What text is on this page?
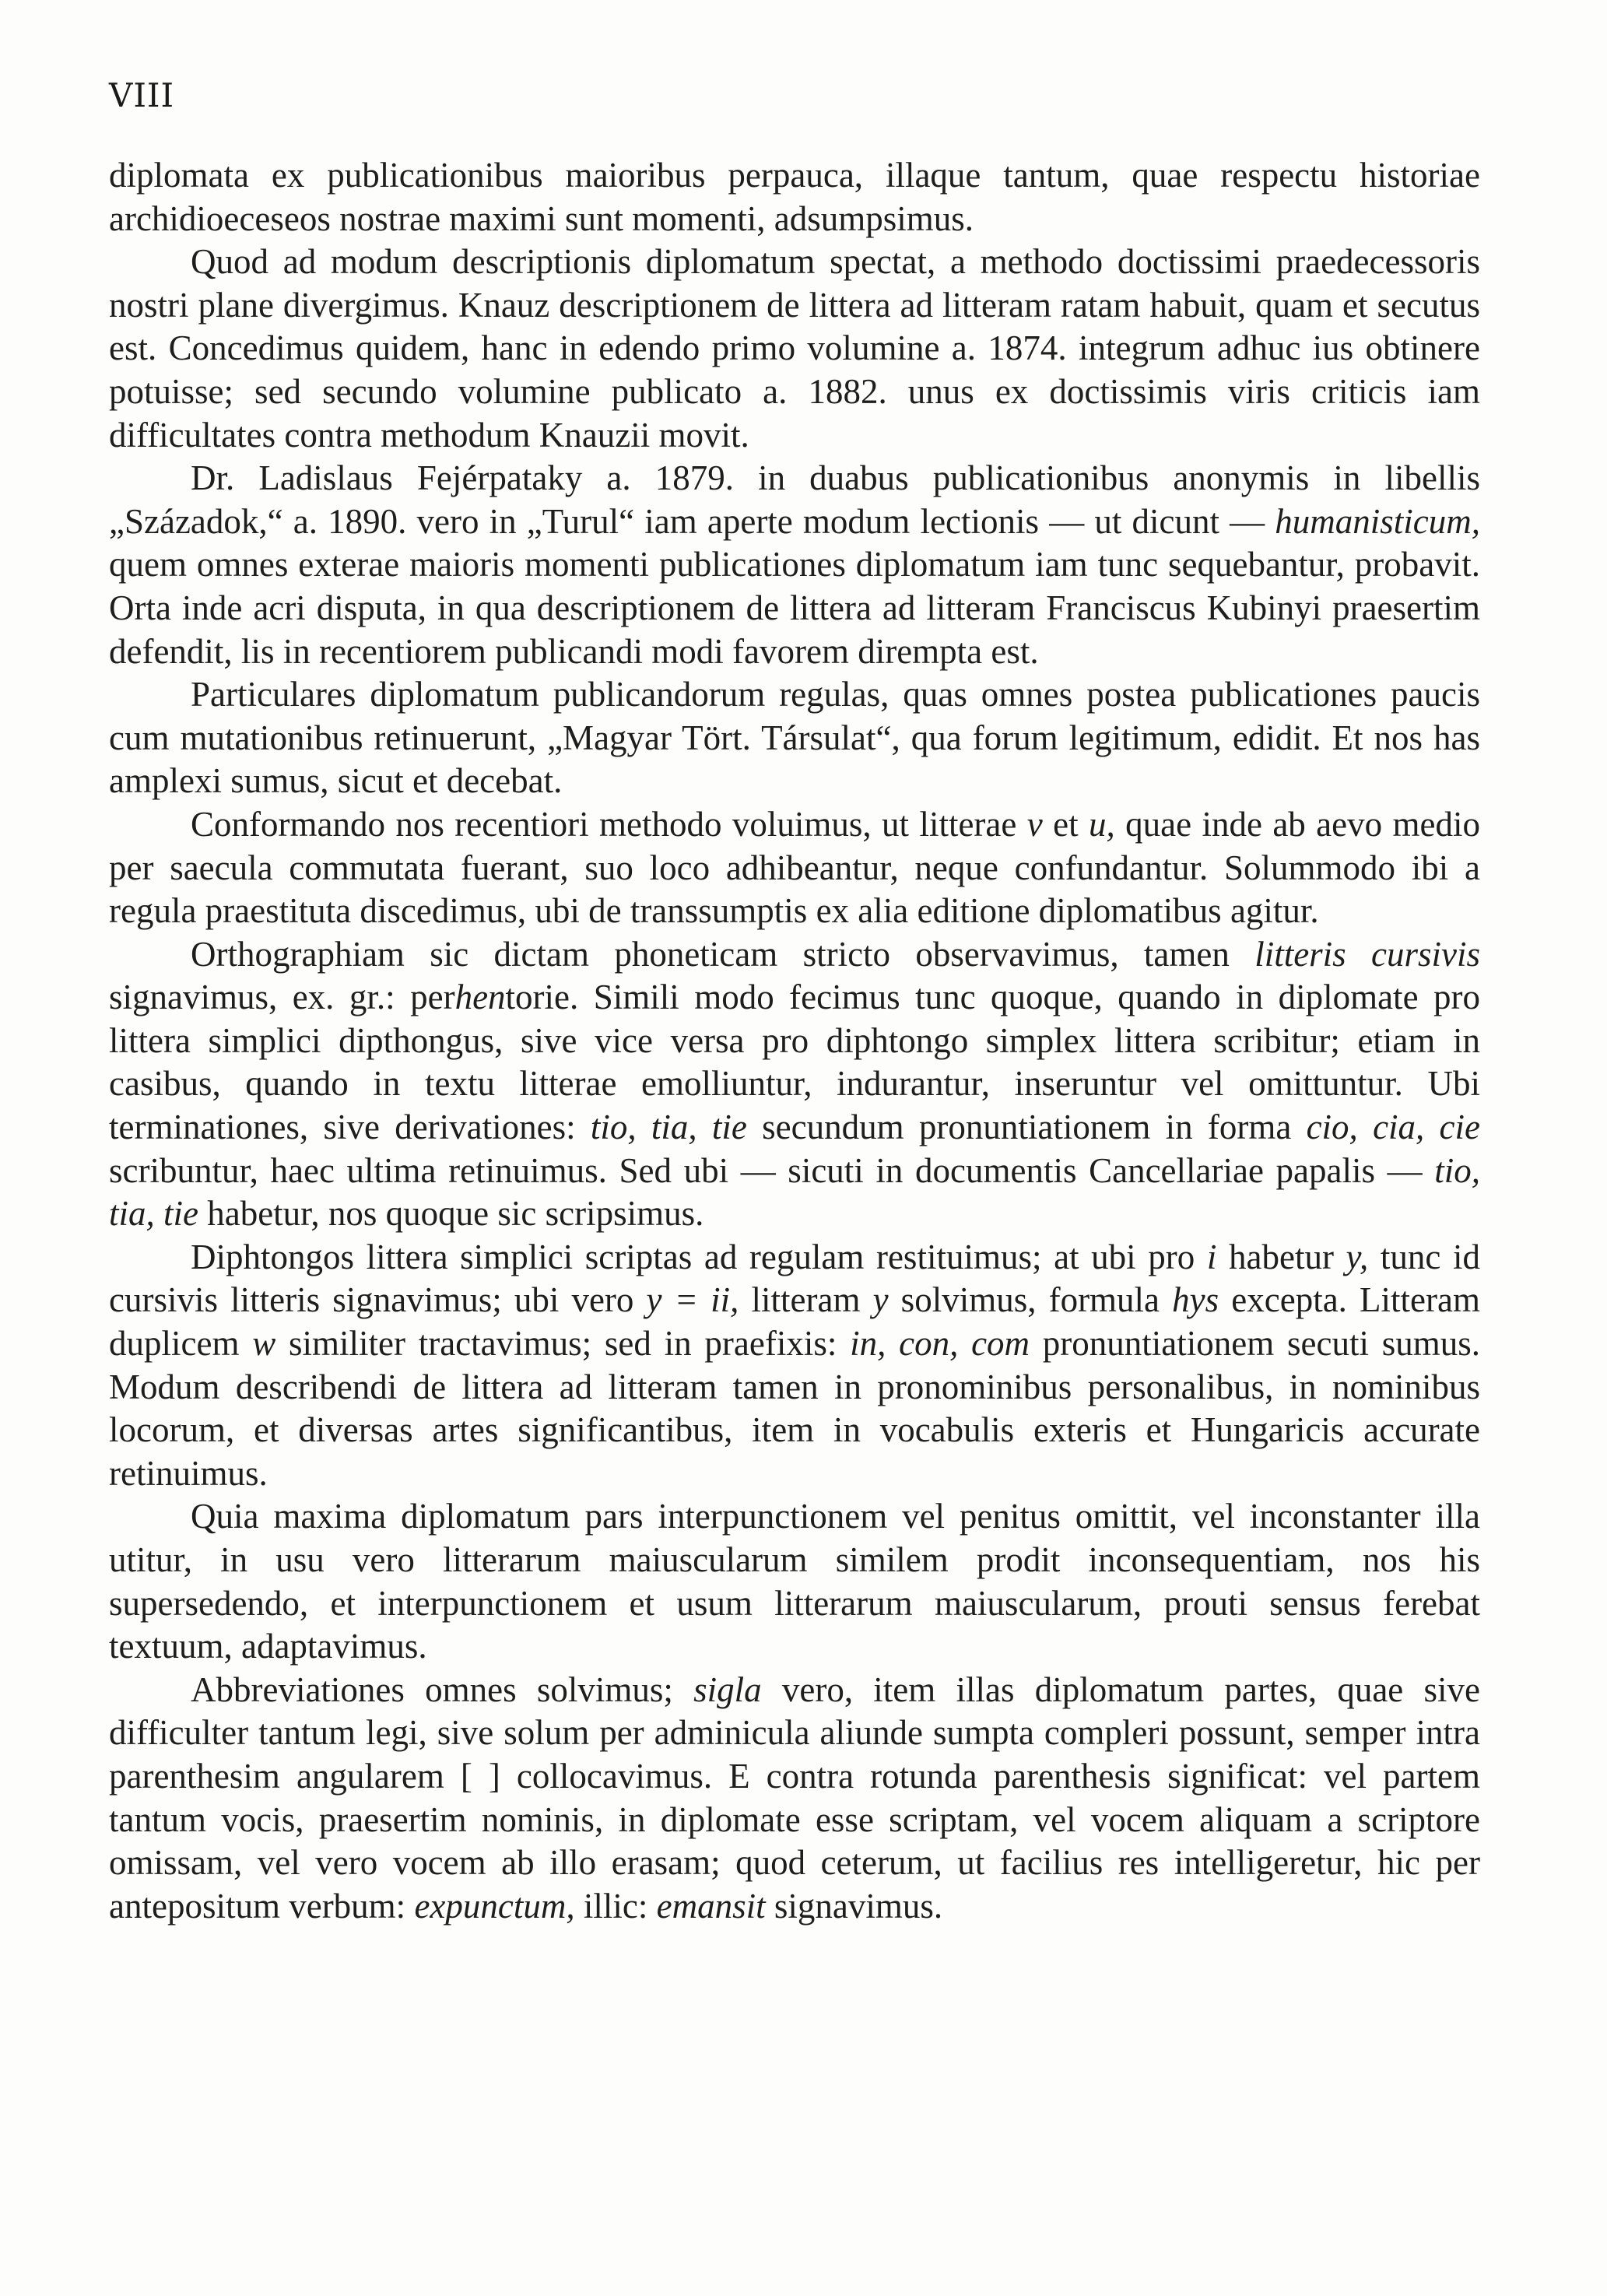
VIII

diplomata ex publicationibus maioribus perpauca, illaque tantum, quae respectu historiae archidioeceseos nostrae maximi sunt momenti, adsumpsimus.

Quod ad modum descriptionis diplomatum spectat, a methodo doctissimi praedecessoris nostri plane divergimus. Knauz descriptionem de littera ad litteram ratam habuit, quam et secutus est. Concedimus quidem, hanc in edendo primo volumine a. 1874. integrum adhuc ius obtinere potuisse; sed secundo volumine publicato a. 1882. unus ex doctissimis viris criticis iam difficultates contra methodum Knauzii movit.

Dr. Ladislaus Fejérpataky a. 1879. in duabus publicationibus anonymis in libellis „Századok,“ a. 1890. vero in „Turul“ iam aperte modum lectionis — ut dicunt — humanisticum, quem omnes exterae maioris momenti publicationes diplomatum iam tunc sequebantur, probavit. Orta inde acri disputa, in qua descriptionem de littera ad litteram Franciscus Kubinyi praesertim defendit, lis in recentiorem publicandi modi favorem dirempta est.

Particulares diplomatum publicandorum regulas, quas omnes postea publicationes paucis cum mutationibus retinuerunt, „Magyar Tört. Társulat“, qua forum legitimum, edidit. Et nos has amplexi sumus, sicut et decebat.

Conformando nos recentiori methodo voluimus, ut litterae v et u, quae inde ab aevo medio per saecula commutata fuerant, suo loco adhibeantur, neque confundantur. Solummodo ibi a regula praestituta discedimus, ubi de transsumptis ex alia editione diplomatibus agitur.

Orthographiam sic dictam phoneticam stricto observavimus, tamen litteris cursivis signavimus, ex. gr.: perhentorie. Simili modo fecimus tunc quoque, quando in diplomate pro littera simplici dipthongus, sive vice versa pro diphtongo simplex littera scribitur; etiam in casibus, quando in textu litterae emolliuntur, indurantur, inseruntur vel omittuntur. Ubi terminationes, sive derivationes: tio, tia, tie secundum pronuntiationem in forma cio, cia, cie scribuntur, haec ultima retinuimus. Sed ubi — sicuti in documentis Cancellariae papalis — tio, tia, tie habetur, nos quoque sic scripsimus.

Diphtongos littera simplici scriptas ad regulam restituimus; at ubi pro i habetur y, tunc id cursivis litteris signavimus; ubi vero y = ii, litteram y solvimus, formula hys excepta. Litteram duplicem w similiter tractavimus; sed in praefixis: in, con, com pronuntiationem secuti sumus. Modum describendi de littera ad litteram tamen in pronominibus personalibus, in nominibus locorum, et diversas artes significantibus, item in vocabulis exteris et Hungaricis accurate retinuimus.

Quia maxima diplomatum pars interpunctionem vel penitus omittit, vel inconstanter illa utitur, in usu vero litterarum maiuscularum similem prodit inconsequentiam, nos his supersedendo, et interpunctionem et usum litterarum maiuscularum, prouti sensus ferebat textuum, adaptavimus.

Abbreviationes omnes solvimus; sigla vero, item illas diplomatum partes, quae sive difficulter tantum legi, sive solum per adminicula aliunde sumpta compleri possunt, semper intra parenthesim angularem [ ] collocavimus. E contra rotunda parenthesis significat: vel partem tantum vocis, praesertim nominis, in diplomate esse scriptam, vel vocem aliquam a scriptore omissam, vel vero vocem ab illo erasam; quod ceterum, ut facilius res intelligeretur, hic per antepositum verbum: expunctum, illic: emansit signavimus.
